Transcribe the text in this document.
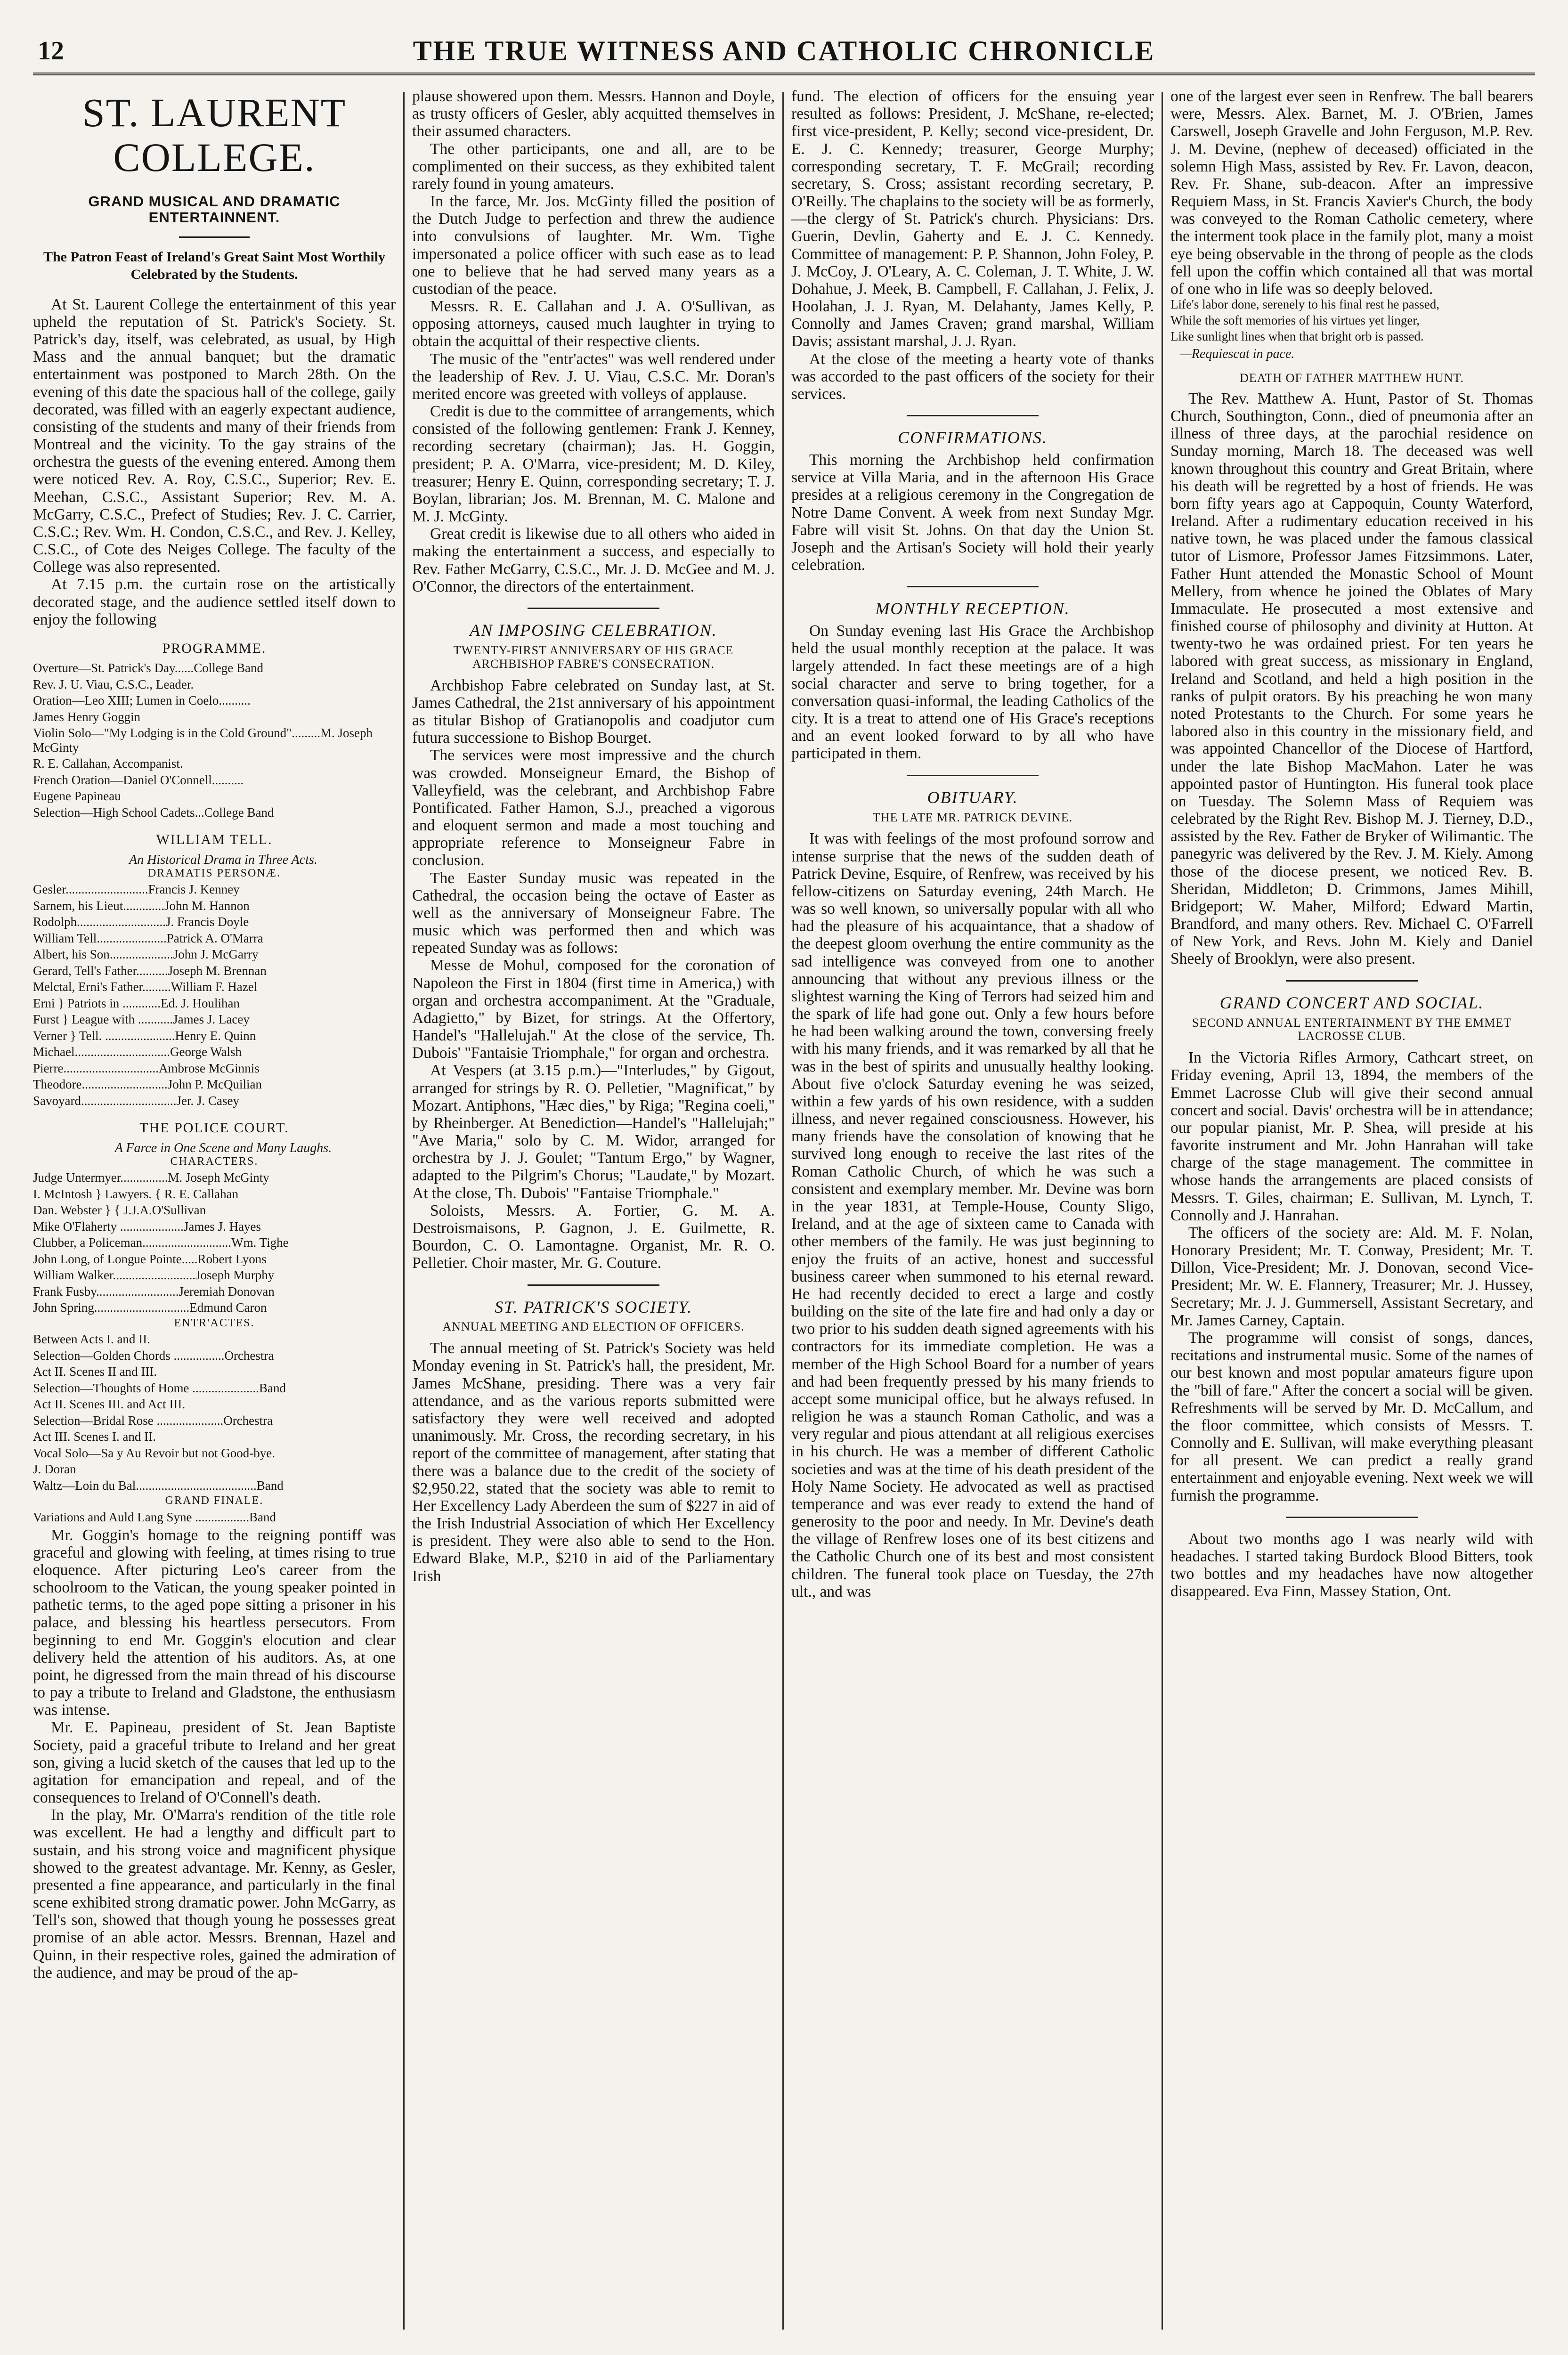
12	THE TRUE WITNESS AND CATHOLIC CHRONICLE
ST. LAURENT COLLEGE.
GRAND MUSICAL AND DRAMATIC ENTERTAINNENT.
The Patron Feast of Ireland's Great Saint Most Worthily Celebrated by the Students.

At St. Laurent College the entertainment of this year upheld the reputation of St. Patrick's Society. St. Patrick's day, itself, was celebrated, as usual, by High Mass and the annual banquet; but the dramatic entertainment was postponed to March 28th. On the evening of this date the spacious hall of the college, gaily decorated, was filled with an eagerly expectant audience, consisting of the students and many of their friends from Montreal and the vicinity. To the gay strains of the orchestra the guests of the evening entered. Among them were noticed Rev. A. Roy, C.S.C., Superior; Rev. E. Meehan, C.S.C., Assistant Superior; Rev. M. A. McGarry, C.S.C., Prefect of Studies; Rev. J. C. Carrier, C.S.C.; Rev. Wm. H. Condon, C.S.C., and Rev. J. Kelley, C.S.C., of Cote des Neiges College. The faculty of the College was also represented.

At 7.15 p.m. the curtain rose on the artistically decorated stage, and the audience settled itself down to enjoy the following

PROGRAMME.

Overture—St. Patrick's Day......College Band

Rev. J. U. Viau, C.S.C., Leader.

Oration—Leo XIII; Lumen in Coelo..........

James Henry Goggin

Violin Solo—"My Lodging is in the Cold Ground".........M. Joseph McGinty

R. E. Callahan, Accompanist.

French Oration—Daniel O'Connell..........

Eugene Papineau

Selection—High School Cadets...College Band

WILLIAM TELL.

An Historical Drama in Three Acts.

DRAMATIS PERSONÆ.

Gesler..........................Francis J. Kenney

Sarnem, his Lieut.............John M. Hannon

Rodolph............................J. Francis Doyle

William Tell......................Patrick A. O'Marra

Albert, his Son....................John J. McGarry

Gerard, Tell's Father..........Joseph M. Brennan

Melctal, Erni's Father.........William F. Hazel

Erni } Patriots in ............Ed. J. Houlihan

Furst } League with ...........James J. Lacey

Verner } Tell. ......................Henry E. Quinn

Michael..............................George Walsh

Pierre..............................Ambrose McGinnis

Theodore...........................John P. McQuilian

Savoyard..............................Jer. J. Casey

THE POLICE COURT.

A Farce in One Scene and Many Laughs.

CHARACTERS.

Judge Untermyer...............M. Joseph McGinty

I. McIntosh } Lawyers. { R. E. Callahan

Dan. Webster } { J.J.A.O'Sullivan

Mike O'Flaherty ....................James J. Hayes

Clubber, a Policeman............................Wm. Tighe

John Long, of Longue Pointe.....Robert Lyons

William Walker..........................Joseph Murphy

Frank Fusby..........................Jeremiah Donovan

John Spring..............................Edmund Caron

ENTR'ACTES.

Between Acts I. and II.

Selection—Golden Chords ................Orchestra

Act II. Scenes II and III.

Selection—Thoughts of Home .....................Band

Act II. Scenes III. and Act III.

Selection—Bridal Rose .....................Orchestra

Act III. Scenes I. and II.

Vocal Solo—Sa y Au Revoir but not Good-bye.

J. Doran

Waltz—Loin du Bal......................................Band

GRAND FINALE.

Variations and Auld Lang Syne .................Band

Mr. Goggin's homage to the reigning pontiff was graceful and glowing with feeling, at times rising to true eloquence. After picturing Leo's career from the schoolroom to the Vatican, the young speaker pointed in pathetic terms, to the aged pope sitting a prisoner in his palace, and blessing his heartless persecutors. From beginning to end Mr. Goggin's elocution and clear delivery held the attention of his auditors. As, at one point, he digressed from the main thread of his discourse to pay a tribute to Ireland and Gladstone, the enthusiasm was intense.

Mr. E. Papineau, president of St. Jean Baptiste Society, paid a graceful tribute to Ireland and her great son, giving a lucid sketch of the causes that led up to the agitation for emancipation and repeal, and of the consequences to Ireland of O'Connell's death.

In the play, Mr. O'Marra's rendition of the title role was excellent. He had a lengthy and difficult part to sustain, and his strong voice and magnificent physique showed to the greatest advantage. Mr. Kenny, as Gesler, presented a fine appearance, and particularly in the final scene exhibited strong dramatic power. John McGarry, as Tell's son, showed that though young he possesses great promise of an able actor. Messrs. Brennan, Hazel and Quinn, in their respective roles, gained the admiration of the audience, and may be proud of the ap-

plause showered upon them. Messrs. Hannon and Doyle, as trusty officers of Gesler, ably acquitted themselves in their assumed characters.

The other participants, one and all, are to be complimented on their success, as they exhibited talent rarely found in young amateurs.

In the farce, Mr. Jos. McGinty filled the position of the Dutch Judge to perfection and threw the audience into convulsions of laughter. Mr. Wm. Tighe impersonated a police officer with such ease as to lead one to believe that he had served many years as a custodian of the peace.

Messrs. R. E. Callahan and J. A. O'Sullivan, as opposing attorneys, caused much laughter in trying to obtain the acquittal of their respective clients.

The music of the "entr'actes" was well rendered under the leadership of Rev. J. U. Viau, C.S.C. Mr. Doran's merited encore was greeted with volleys of applause.

Credit is due to the committee of arrangements, which consisted of the following gentlemen: Frank J. Kenney, recording secretary (chairman); Jas. H. Goggin, president; P. A. O'Marra, vice-president; M. D. Kiley, treasurer; Henry E. Quinn, corresponding secretary; T. J. Boylan, librarian; Jos. M. Brennan, M. C. Malone and M. J. McGinty.

Great credit is likewise due to all others who aided in making the entertainment a success, and especially to Rev. Father McGarry, C.S.C., Mr. J. D. McGee and M. J. O'Connor, the directors of the entertainment.

AN IMPOSING CELEBRATION.
TWENTY-FIRST ANNIVERSARY OF HIS GRACE ARCHBISHOP FABRE'S CONSECRATION.

Archbishop Fabre celebrated on Sunday last, at St. James Cathedral, the 21st anniversary of his appointment as titular Bishop of Gratianopolis and coadjutor cum futura successione to Bishop Bourget.

The services were most impressive and the church was crowded. Monseigneur Emard, the Bishop of Valleyfield, was the celebrant, and Archbishop Fabre Pontificated. Father Hamon, S.J., preached a vigorous and eloquent sermon and made a most touching and appropriate reference to Monseigneur Fabre in conclusion.

The Easter Sunday music was repeated in the Cathedral, the occasion being the octave of Easter as well as the anniversary of Monseigneur Fabre. The music which was performed then and which was repeated Sunday was as follows:

Messe de Mohul, composed for the coronation of Napoleon the First in 1804 (first time in America,) with organ and orchestra accompaniment. At the "Graduale, Adagietto," by Bizet, for strings. At the Offertory, Handel's "Hallelujah." At the close of the service, Th. Dubois' "Fantaisie Triomphale," for organ and orchestra.

At Vespers (at 3.15 p.m.)—"Interludes," by Gigout, arranged for strings by R. O. Pelletier, "Magnificat," by Mozart. Antiphons, "Hæc dies," by Riga; "Regina coeli," by Rheinberger. At Benediction—Handel's "Hallelujah;" "Ave Maria," solo by C. M. Widor, arranged for orchestra by J. J. Goulet; "Tantum Ergo," by Wagner, adapted to the Pilgrim's Chorus; "Laudate," by Mozart. At the close, Th. Dubois' "Fantaise Triomphale."

Soloists, Messrs. A. Fortier, G. M. A. Destroismaisons, P. Gagnon, J. E. Guilmette, R. Bourdon, C. O. Lamontagne. Organist, Mr. R. O. Pelletier. Choir master, Mr. G. Couture.

ST. PATRICK'S SOCIETY.
ANNUAL MEETING AND ELECTION OF OFFICERS.

The annual meeting of St. Patrick's Society was held Monday evening in St. Patrick's hall, the president, Mr. James McShane, presiding. There was a very fair attendance, and as the various reports submitted were satisfactory they were well received and adopted unanimously. Mr. Cross, the recording secretary, in his report of the committee of management, after stating that there was a balance due to the credit of the society of $2,950.22, stated that the society was able to remit to Her Excellency Lady Aberdeen the sum of $227 in aid of the Irish Industrial Association of which Her Excellency is president. They were also able to send to the Hon. Edward Blake, M.P., $210 in aid of the Parliamentary Irish

fund. The election of officers for the ensuing year resulted as follows: President, J. McShane, re-elected; first vice-president, P. Kelly; second vice-president, Dr. E. J. C. Kennedy; treasurer, George Murphy; corresponding secretary, T. F. McGrail; recording secretary, S. Cross; assistant recording secretary, P. O'Reilly. The chaplains to the society will be as formerly,—the clergy of St. Patrick's church. Physicians: Drs. Guerin, Devlin, Gaherty and E. J. C. Kennedy. Committee of management: P. P. Shannon, John Foley, P. J. McCoy, J. O'Leary, A. C. Coleman, J. T. White, J. W. Dohahue, J. Meek, B. Campbell, F. Callahan, J. Felix, J. Hoolahan, J. J. Ryan, M. Delahanty, James Kelly, P. Connolly and James Craven; grand marshal, William Davis; assistant marshal, J. J. Ryan.

At the close of the meeting a hearty vote of thanks was accorded to the past officers of the society for their services.

CONFIRMATIONS.

This morning the Archbishop held confirmation service at Villa Maria, and in the afternoon His Grace presides at a religious ceremony in the Congregation de Notre Dame Convent. A week from next Sunday Mgr. Fabre will visit St. Johns. On that day the Union St. Joseph and the Artisan's Society will hold their yearly celebration.

MONTHLY RECEPTION.

On Sunday evening last His Grace the Archbishop held the usual monthly reception at the palace. It was largely attended. In fact these meetings are of a high social character and serve to bring together, for a conversation quasi-informal, the leading Catholics of the city. It is a treat to attend one of His Grace's receptions and an event looked forward to by all who have participated in them.

OBITUARY.
THE LATE MR. PATRICK DEVINE.

It was with feelings of the most profound sorrow and intense surprise that the news of the sudden death of Patrick Devine, Esquire, of Renfrew, was received by his fellow-citizens on Saturday evening, 24th March. He was so well known, so universally popular with all who had the pleasure of his acquaintance, that a shadow of the deepest gloom overhung the entire community as the sad intelligence was conveyed from one to another announcing that without any previous illness or the slightest warning the King of Terrors had seized him and the spark of life had gone out. Only a few hours before he had been walking around the town, conversing freely with his many friends, and it was remarked by all that he was in the best of spirits and unusually healthy looking. About five o'clock Saturday evening he was seized, within a few yards of his own residence, with a sudden illness, and never regained consciousness. However, his many friends have the consolation of knowing that he survived long enough to receive the last rites of the Roman Catholic Church, of which he was such a consistent and exemplary member. Mr. Devine was born in the year 1831, at Temple-House, County Sligo, Ireland, and at the age of sixteen came to Canada with other members of the family. He was just beginning to enjoy the fruits of an active, honest and successful business career when summoned to his eternal reward. He had recently decided to erect a large and costly building on the site of the late fire and had only a day or two prior to his sudden death signed agreements with his contractors for its immediate completion. He was a member of the High School Board for a number of years and had been frequently pressed by his many friends to accept some municipal office, but he always refused. In religion he was a staunch Roman Catholic, and was a very regular and pious attendant at all religious exercises in his church. He was a member of different Catholic societies and was at the time of his death president of the Holy Name Society. He advocated as well as practised temperance and was ever ready to extend the hand of generosity to the poor and needy. In Mr. Devine's death the village of Renfrew loses one of its best citizens and the Catholic Church one of its best and most consistent children. The funeral took place on Tuesday, the 27th ult., and was

one of the largest ever seen in Renfrew. The ball bearers were, Messrs. Alex. Barnet, M. J. O'Brien, James Carswell, Joseph Gravelle and John Ferguson, M.P. Rev. J. M. Devine, (nephew of deceased) officiated in the solemn High Mass, assisted by Rev. Fr. Lavon, deacon, Rev. Fr. Shane, sub-deacon. After an impressive Requiem Mass, in St. Francis Xavier's Church, the body was conveyed to the Roman Catholic cemetery, where the interment took place in the family plot, many a moist eye being observable in the throng of people as the clods fell upon the coffin which contained all that was mortal of one who in life was so deeply beloved.

Life's labor done, serenely to his final rest he passed,

While the soft memories of his virtues yet linger,

Like sunlight lines when that bright orb is passed.

—Requiescat in pace.

DEATH OF FATHER MATTHEW HUNT.

The Rev. Matthew A. Hunt, Pastor of St. Thomas Church, Southington, Conn., died of pneumonia after an illness of three days, at the parochial residence on Sunday morning, March 18. The deceased was well known throughout this country and Great Britain, where his death will be regretted by a host of friends. He was born fifty years ago at Cappoquin, County Waterford, Ireland. After a rudimentary education received in his native town, he was placed under the famous classical tutor of Lismore, Professor James Fitzsimmons. Later, Father Hunt attended the Monastic School of Mount Mellery, from whence he joined the Oblates of Mary Immaculate. He prosecuted a most extensive and finished course of philosophy and divinity at Hutton. At twenty-two he was ordained priest. For ten years he labored with great success, as missionary in England, Ireland and Scotland, and held a high position in the ranks of pulpit orators. By his preaching he won many noted Protestants to the Church. For some years he labored also in this country in the missionary field, and was appointed Chancellor of the Diocese of Hartford, under the late Bishop MacMahon. Later he was appointed pastor of Huntington. His funeral took place on Tuesday. The Solemn Mass of Requiem was celebrated by the Right Rev. Bishop M. J. Tierney, D.D., assisted by the Rev. Father de Bryker of Wilimantic. The panegyric was delivered by the Rev. J. M. Kiely. Among those of the diocese present, we noticed Rev. B. Sheridan, Middleton; D. Crimmons, James Mihill, Bridgeport; W. Maher, Milford; Edward Martin, Brandford, and many others. Rev. Michael C. O'Farrell of New York, and Revs. John M. Kiely and Daniel Sheely of Brooklyn, were also present.

GRAND CONCERT AND SOCIAL.
SECOND ANNUAL ENTERTAINMENT BY THE EMMET LACROSSE CLUB.

In the Victoria Rifles Armory, Cathcart street, on Friday evening, April 13, 1894, the members of the Emmet Lacrosse Club will give their second annual concert and social. Davis' orchestra will be in attendance; our popular pianist, Mr. P. Shea, will preside at his favorite instrument and Mr. John Hanrahan will take charge of the stage management. The committee in whose hands the arrangements are placed consists of Messrs. T. Giles, chairman; E. Sullivan, M. Lynch, T. Connolly and J. Hanrahan.

The officers of the society are: Ald. M. F. Nolan, Honorary President; Mr. T. Conway, President; Mr. T. Dillon, Vice-President; Mr. J. Donovan, second Vice-President; Mr. W. E. Flannery, Treasurer; Mr. J. Hussey, Secretary; Mr. J. J. Gummersell, Assistant Secretary, and Mr. James Carney, Captain.

The programme will consist of songs, dances, recitations and instrumental music. Some of the names of our best known and most popular amateurs figure upon the "bill of fare." After the concert a social will be given. Refreshments will be served by Mr. D. McCallum, and the floor committee, which consists of Messrs. T. Connolly and E. Sullivan, will make everything pleasant for all present. We can predict a really grand entertainment and enjoyable evening. Next week we will furnish the programme.

About two months ago I was nearly wild with headaches. I started taking Burdock Blood Bitters, took two bottles and my headaches have now altogether disappeared. Eva Finn, Massey Station, Ont.
